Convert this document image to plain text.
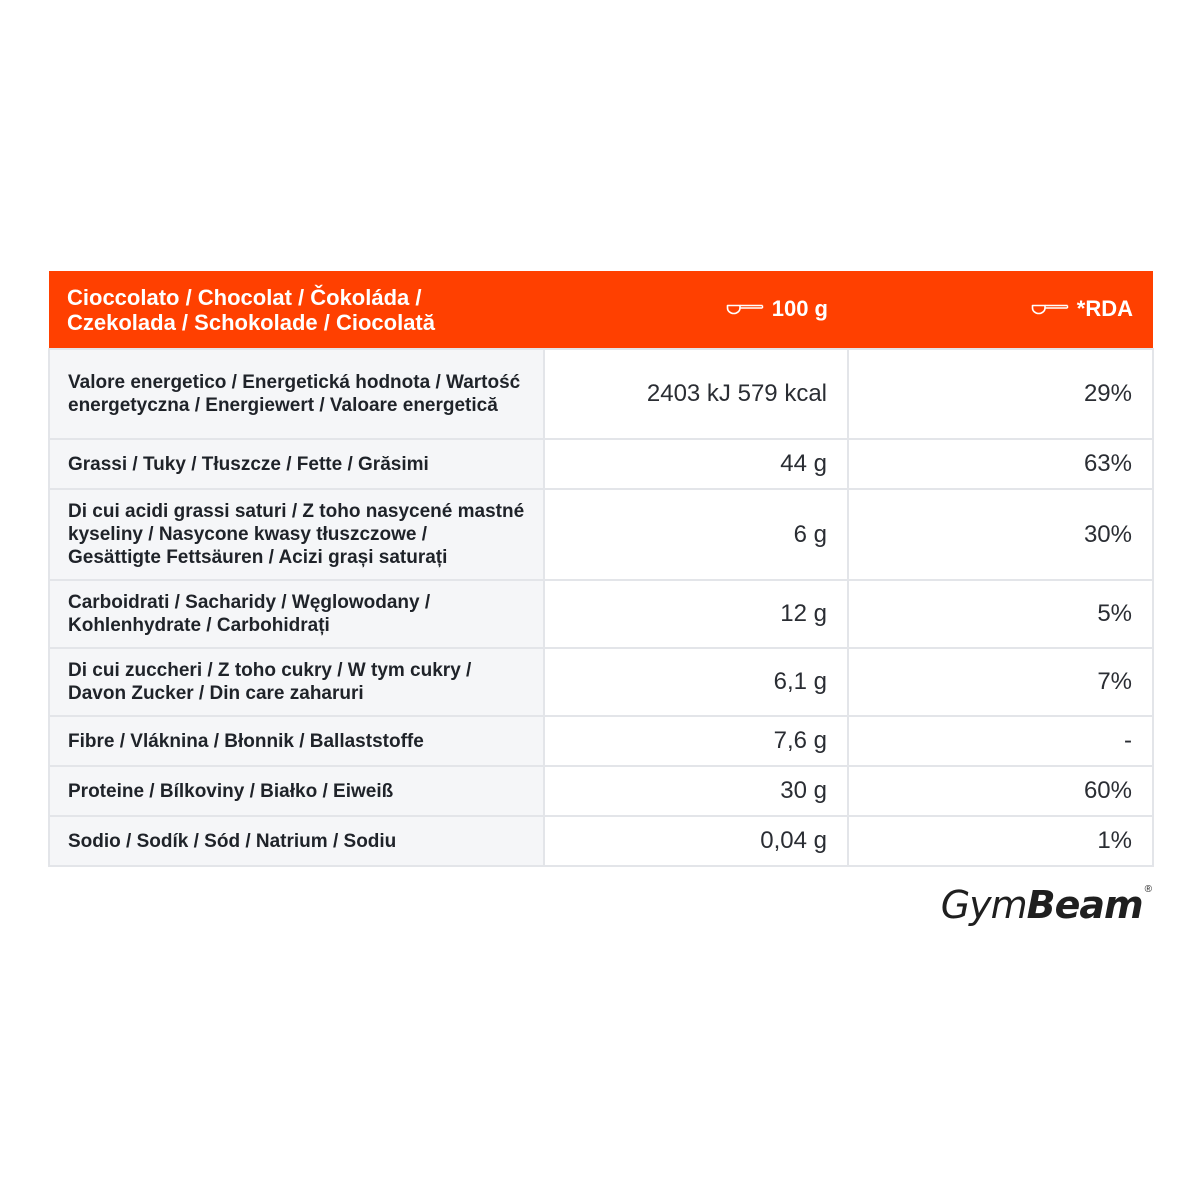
Cioccolato / Chocolat / Čokoláda /
Czekolada / Schokolade / Ciocolată	100 g	*RDA
Valore energetico / Energetická hodnota / Wartość energetyczna / Energiewert / Valoare energetică	2403 kJ 579 kcal	29%
Grassi / Tuky / Tłuszcze / Fette / Grăsimi	44 g	63%
Di cui acidi grassi saturi / Z toho nasycené mastné kyseliny / Nasycone kwasy tłuszczowe / Gesättigte Fettsäuren / Acizi grași saturați	6 g	30%
Carboidrati / Sacharidy / Węglowodany / Kohlenhydrate / Carbohidrați	12 g	5%
Di cui zuccheri / Z toho cukry / W tym cukry / Davon Zucker / Din care zaharuri	6,1 g	7%
Fibre / Vláknina / Błonnik / Ballaststoffe	7,6 g	-
Proteine / Bílkoviny / Białko / Eiweiß	30 g	60%
Sodio / Sodík / Sód / Natrium / Sodiu	0,04 g	1%
Gym Beam ®
